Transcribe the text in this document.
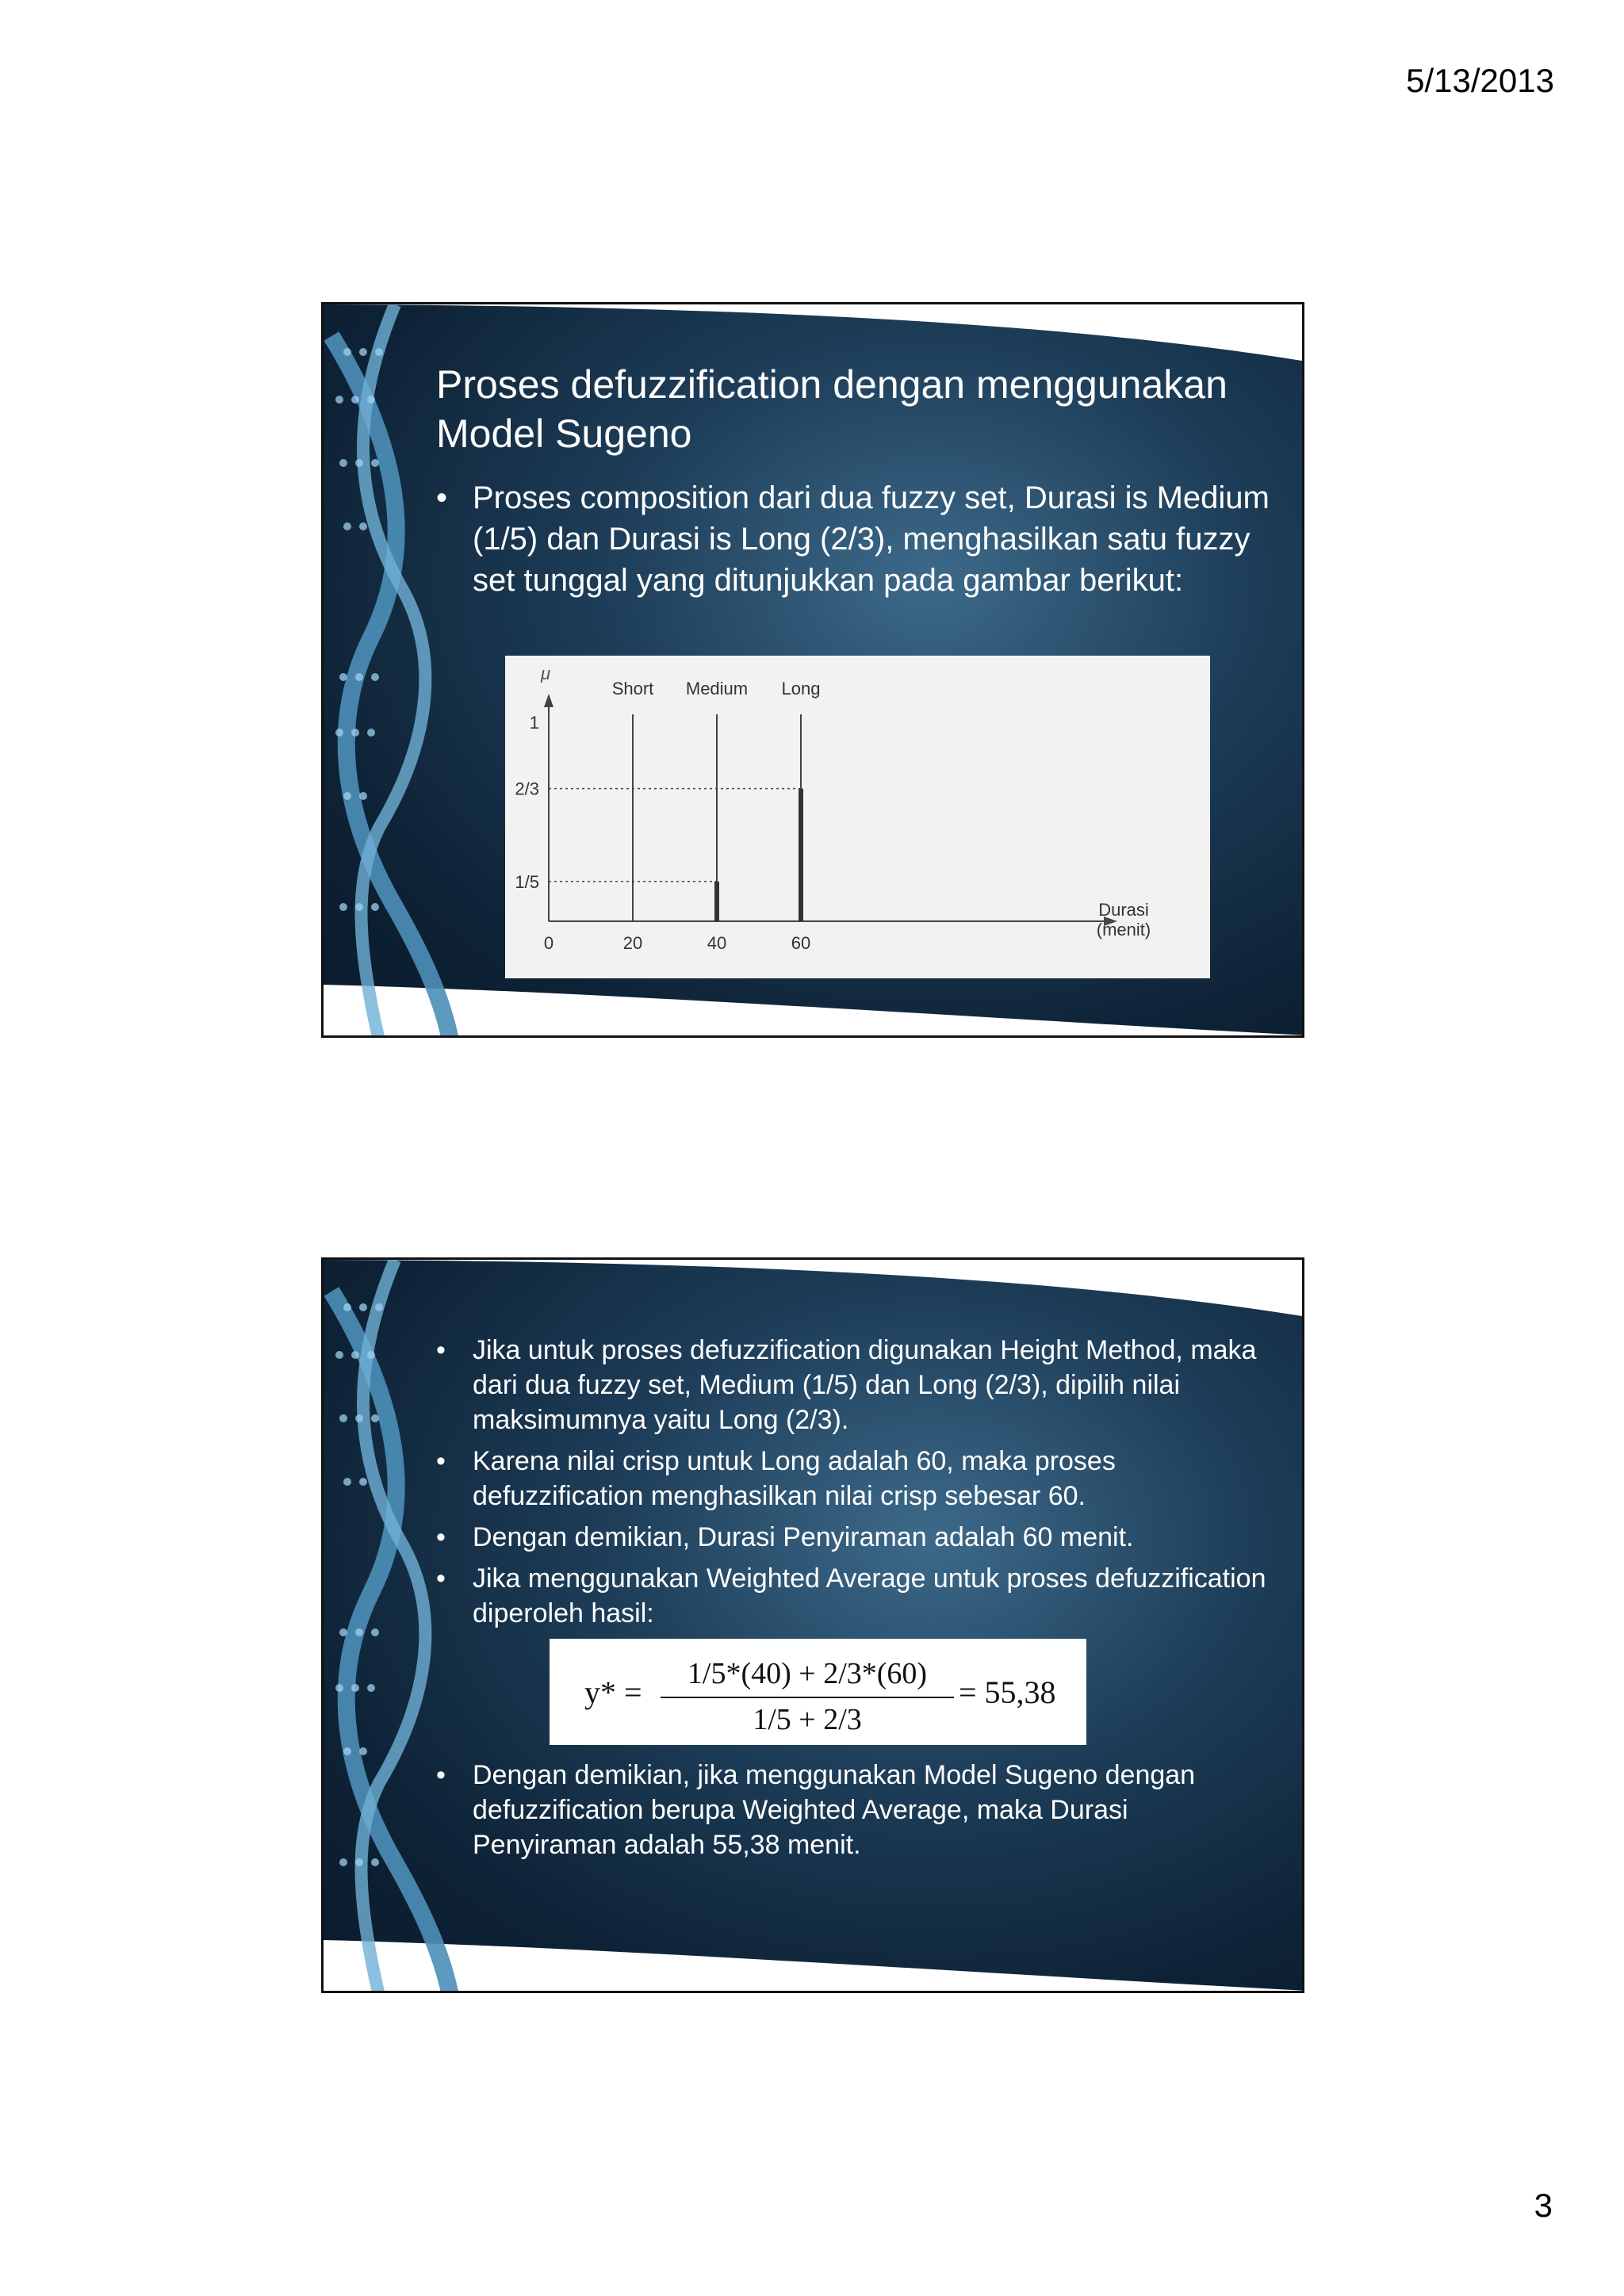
5/13/2013
Proses defuzzification dengan menggunakan Model Sugeno
• Proses composition dari dua fuzzy set, Durasi is Medium (1/5) dan Durasi is Long (2/3), menghasilkan satu fuzzy set tunggal yang ditunjukkan pada gambar berikut:
μ
1
2/3
1/5
0	20	40	60
Short Medium Long
Durasi
(menit)
• Jika untuk proses defuzzification digunakan Height Method, maka dari dua fuzzy set, Medium (1/5) dan Long (2/3), dipilih nilai maksimumnya yaitu Long (2/3).
• Karena nilai crisp untuk Long adalah 60, maka proses defuzzification menghasilkan nilai crisp sebesar 60.
• Dengan demikian, Durasi Penyiraman adalah 60 menit.
• Jika menggunakan Weighted Average untuk proses defuzzification diperoleh hasil:
y* =
1/5*(40) + 2/3*(60)
1/5 + 2/3
= 55,38
• Dengan demikian, jika menggunakan Model Sugeno dengan defuzzification berupa Weighted Average, maka Durasi Penyiraman adalah 55,38 menit.
3
